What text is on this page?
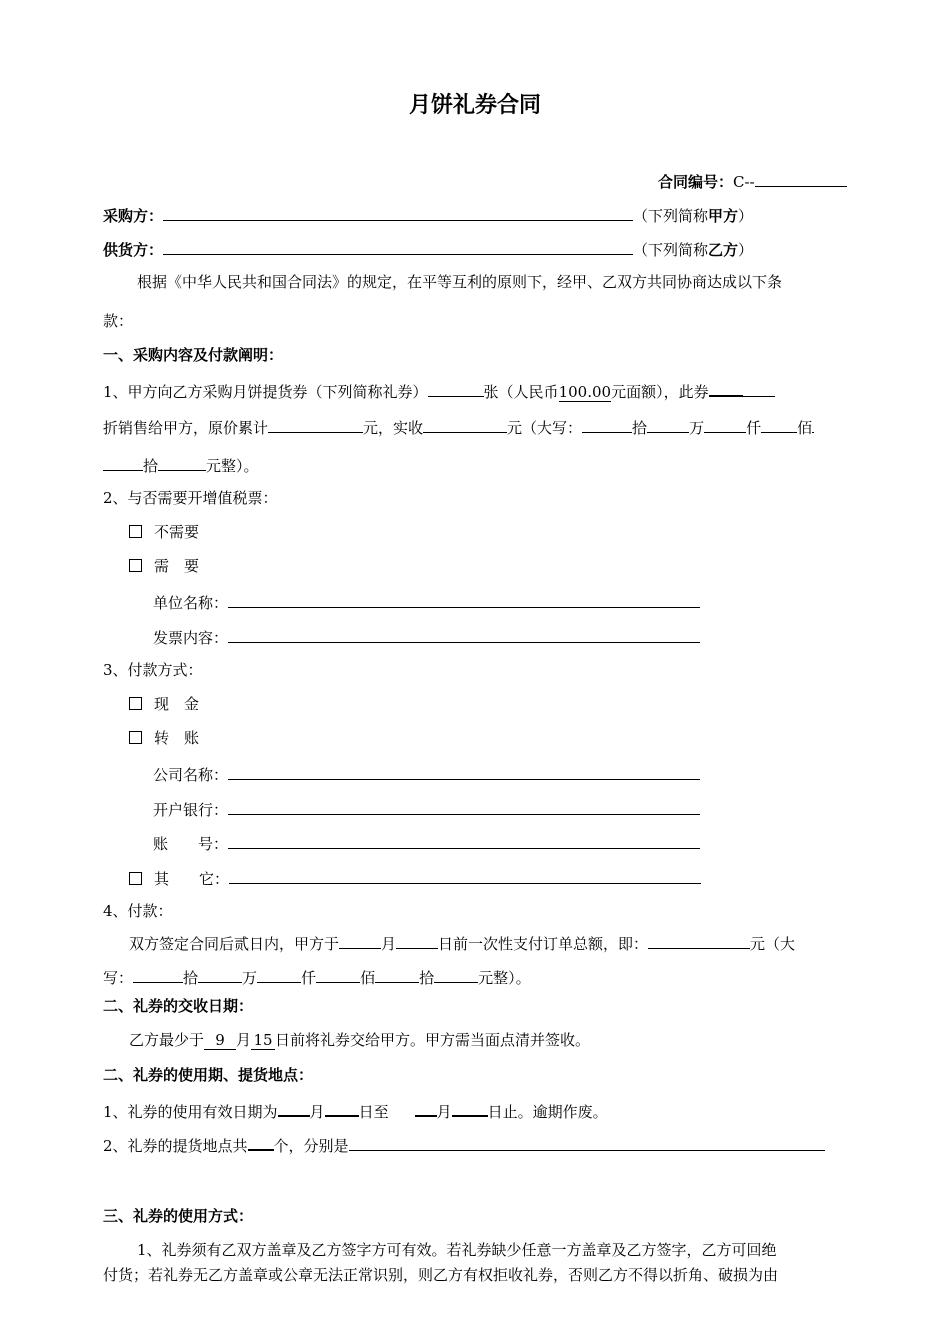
月饼礼券合同
合同编号：C--
采购方：	（下列简称甲方）
供货方：	（下列简称乙方）
根据《中华人民共和国合同法》的规定，在平等互利的原则下，经甲、乙双方共同协商达成以下条
款：
一、采购内容及付款阐明：
1、甲方向乙方采购月饼提货券（下列简称礼券）	张（人民币100.00元面额），此券
折销售给甲方，原价累计	元，实收	元（大写：	拾	万	仟 佰
拾	元整）。
2、与否需要开增值税票：
不需要
需　要
单位名称：
发票内容：
3、付款方式：
现　金
转　账
公司名称：
开户银行：
账　　号：
其　　它：
4、付款：
双方签定合同后贰日内，甲方于	月	日前一次性支付订单总额，即：	元（大
写：	拾	万	仟	佰	拾	元整）。
二、礼券的交收日期：
乙方最少于 9 月 15 日前将礼券交给甲方。甲方需当面点清并签收。
二、礼券的使用期、提货地点：
1、礼券的使用有效日期为 月 日至	月 日止。逾期作废。
2、礼券的提货地点共 个，分别是
三、礼券的使用方式：
1、礼券须有乙双方盖章及乙方签字方可有效。若礼券缺少任意一方盖章及乙方签字，乙方可回绝
付货；若礼券无乙方盖章或公章无法正常识别，则乙方有权拒收礼券，否则乙方不得以折角、破损为由
